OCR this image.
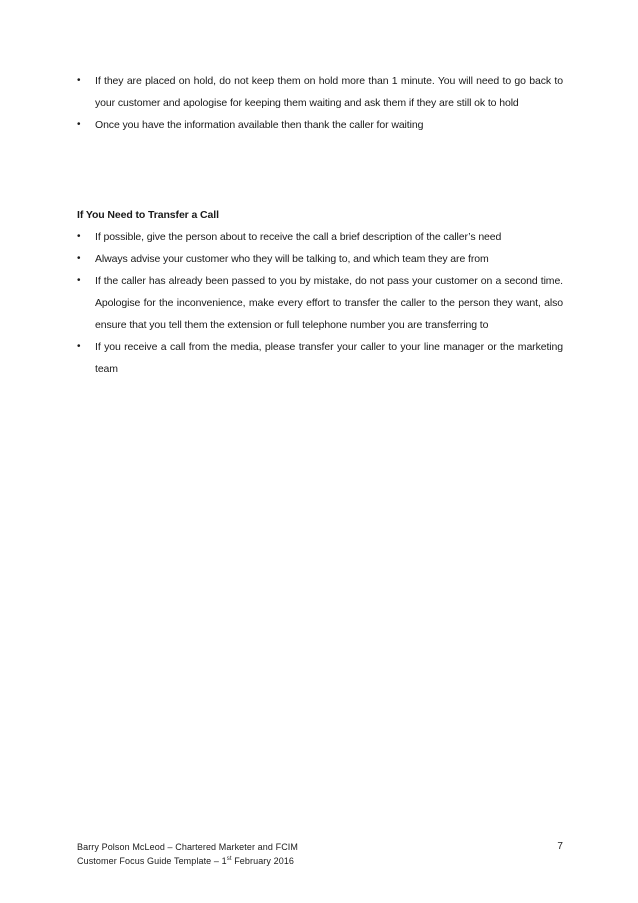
•	If they are placed on hold, do not keep them on hold more than 1 minute. You will need to go back to your customer and apologise for keeping them waiting and ask them if they are still ok to hold
•	Once you have the information available then thank the caller for waiting
If You Need to Transfer a Call
•	If possible, give the person about to receive the call a brief description of the caller’s need
•	Always advise your customer who they will be talking to, and which team they are from
•	If the caller has already been passed to you by mistake, do not pass your customer on a second time. Apologise for the inconvenience, make every effort to transfer the caller to the person they want, also ensure that you tell them the extension or full telephone number you are transferring to
•	If you receive a call from the media, please transfer your caller to your line manager or the marketing team
Barry Polson McLeod – Chartered Marketer and FCIM
Customer Focus Guide Template – 1st February 2016
7
